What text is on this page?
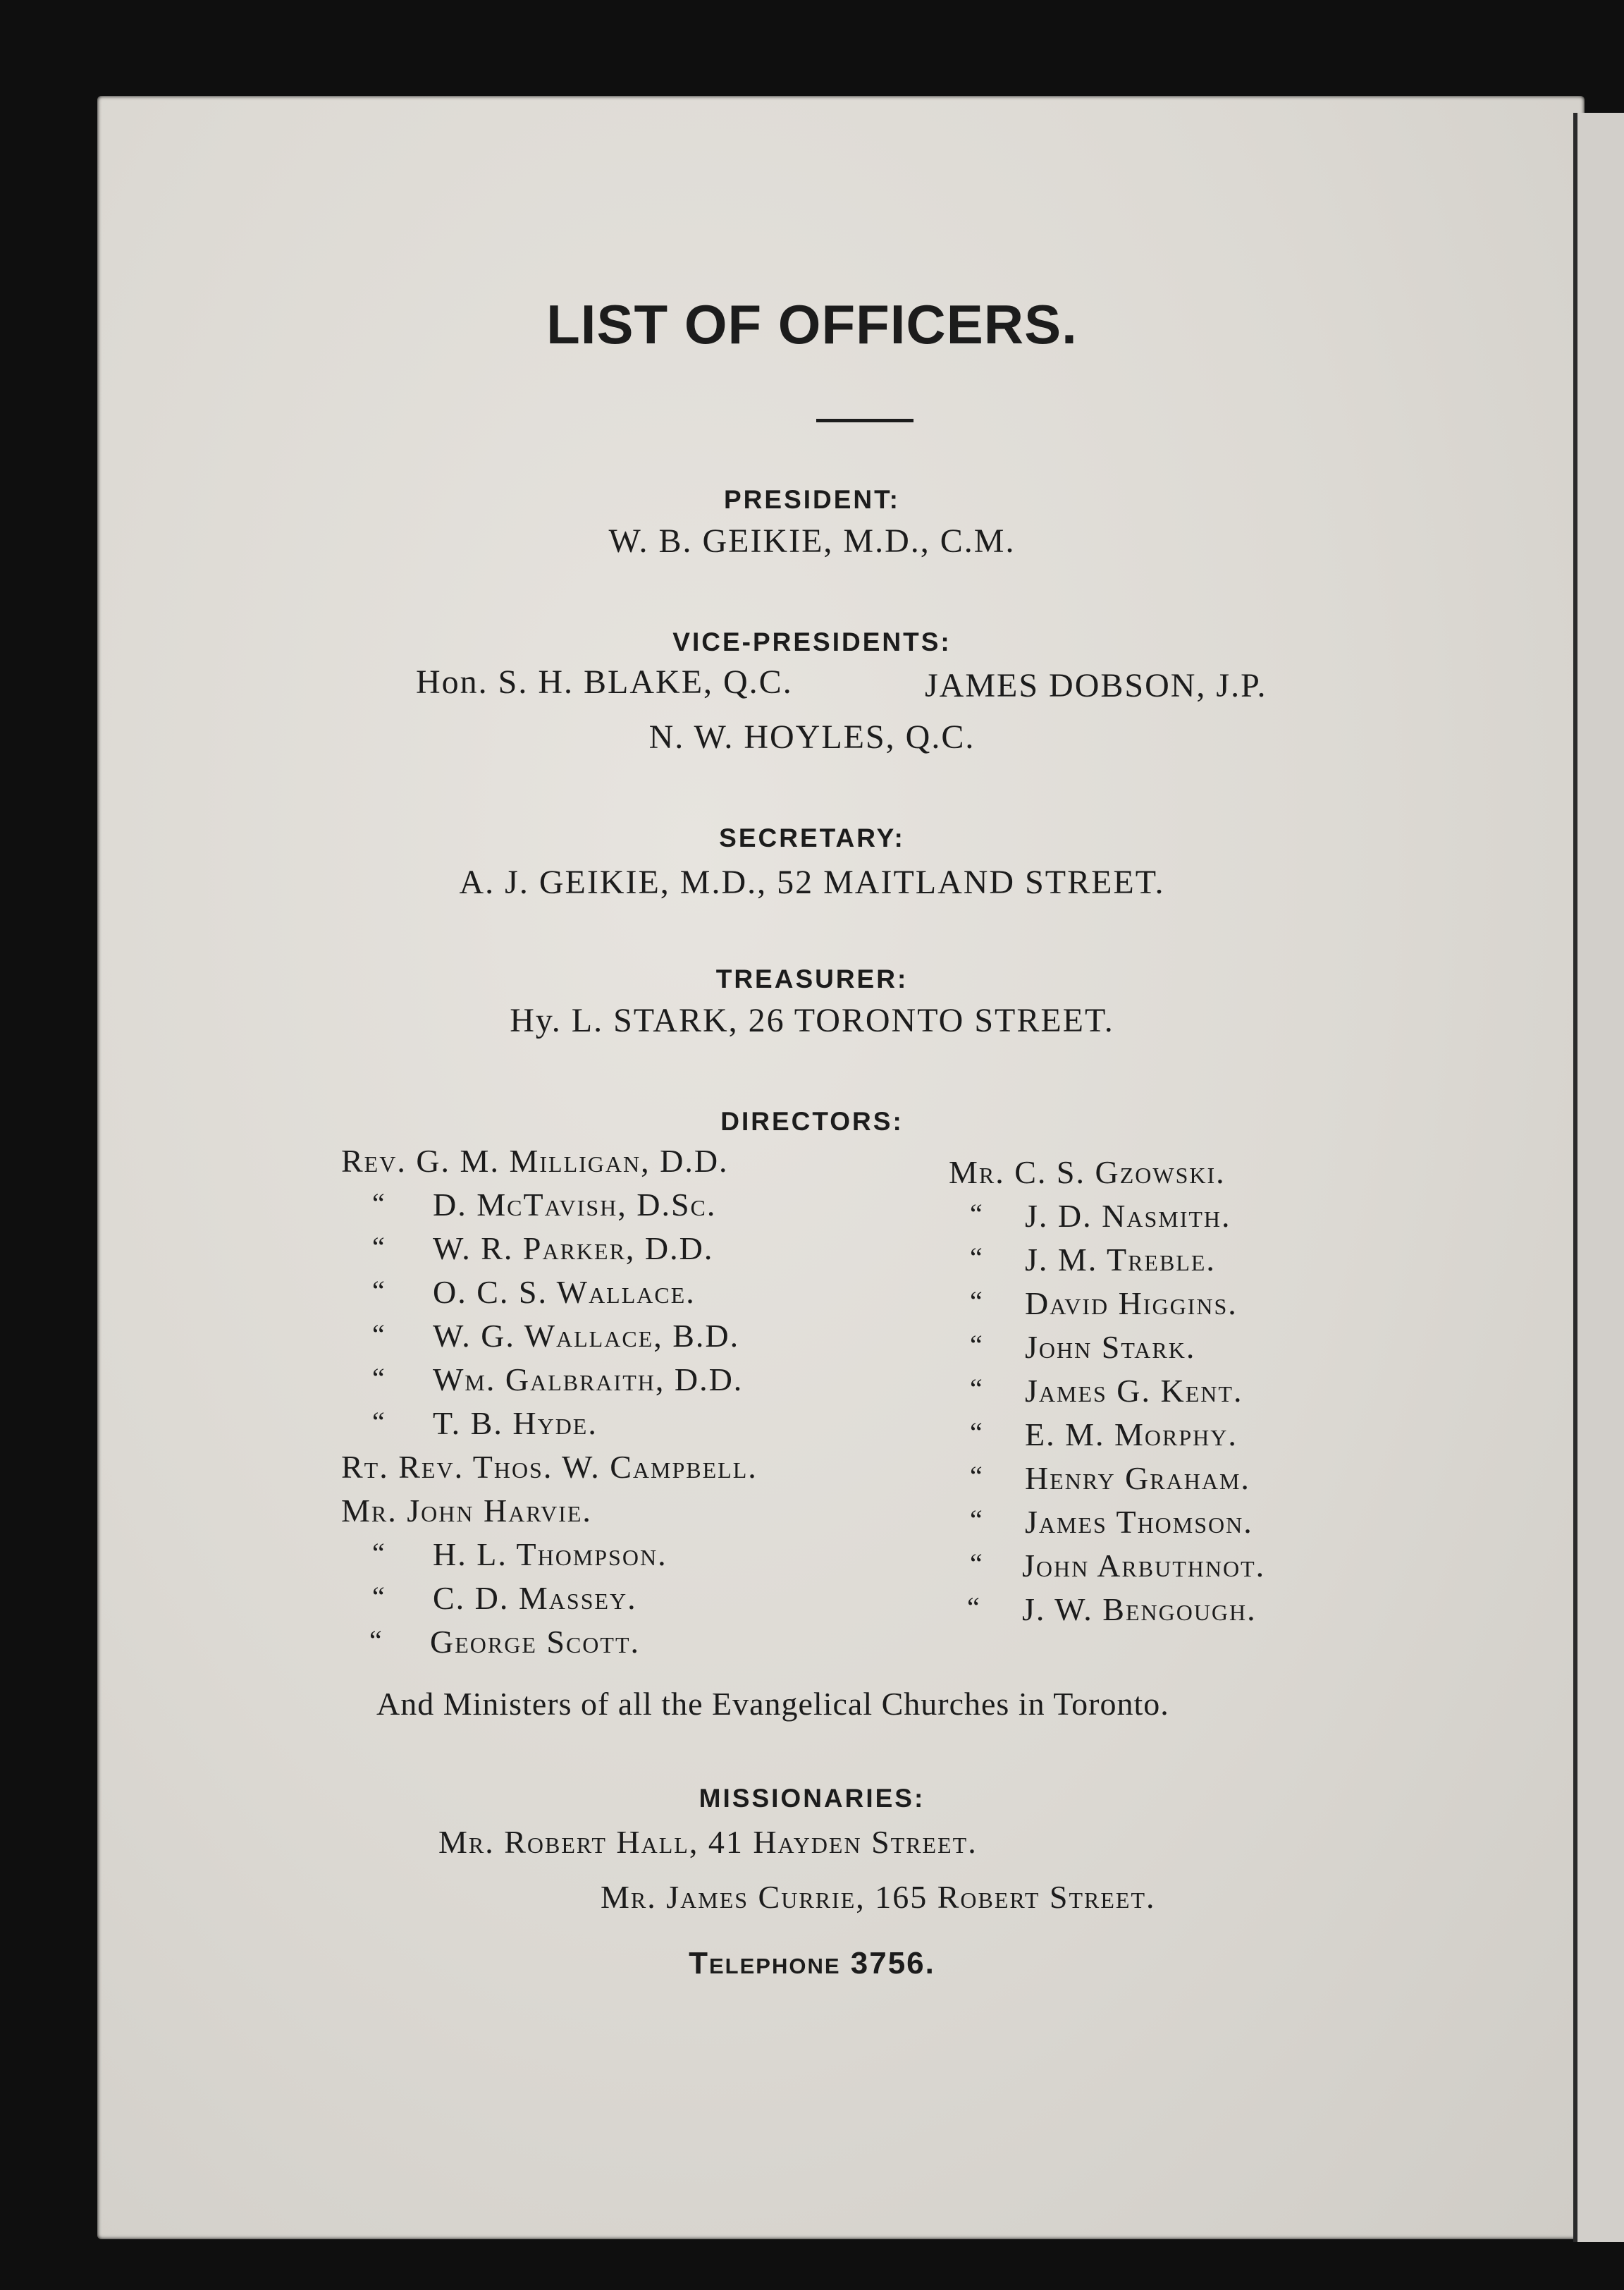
LIST OF OFFICERS.
PRESIDENT:
W. B. GEIKIE, M.D., C.M.
VICE-PRESIDENTS:
Hon. S. H. BLAKE, Q.C.	JAMES DOBSON, J.P.
N. W. HOYLES, Q.C.
SECRETARY:
A. J. GEIKIE, M.D., 52 MAITLAND STREET.
TREASURER:
Hy. L. STARK, 26 TORONTO STREET.
DIRECTORS:
Rev. G. M. Milligan, D.D.
“ D. McTavish, D.Sc.
“ W. R. Parker, D.D.
“ O. C. S. Wallace.
“ W. G. Wallace, B.D.
“ Wm. Galbraith, D.D.
“ T. B. Hyde.
Rt. Rev. Thos. W. Campbell.
Mr. John Harvie.
“ H. L. Thompson.
“ C. D. Massey.
“ George Scott.
Mr. C. S. Gzowski.
“ J. D. Nasmith.
“ J. M. Treble.
“ David Higgins.
“ John Stark.
“ James G. Kent.
“ E. M. Morphy.
“ Henry Graham.
“ James Thomson.
“ John Arbuthnot.
“ J. W. Bengough.
And Ministers of all the Evangelical Churches in Toronto.
MISSIONARIES:
Mr. Robert Hall, 41 Hayden Street.
Mr. James Currie, 165 Robert Street.
Telephone 3756.
